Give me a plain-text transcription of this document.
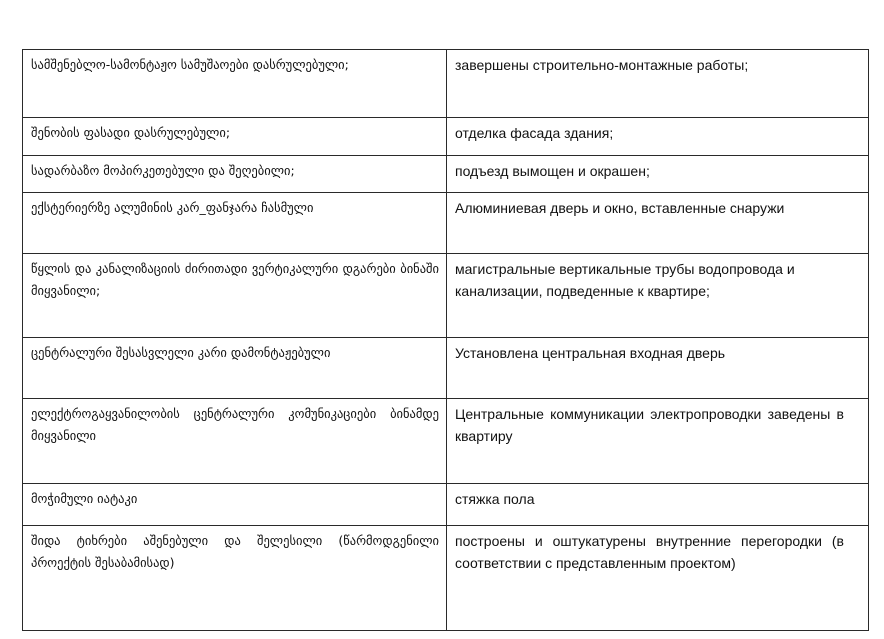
სამშენებლო-სამონტაჟო სამუშაოები დასრულებული;	завершены строительно-монтажные работы;

შენობის ფასადი დასრულებული;	отделка фасада здания;

სადარბაზო მოპირკეთებული და შეღებილი;	подъезд вымощен и окрашен;

ექსტერიერზე ალუმინის კარ_ფანჯარა ჩასმული	Алюминиевая дверь и окно, вставленные снаружи

წყლის და კანალიზაციის ძირითადი ვერტიკალური დგარები ბინაში მიყვანილი;	магистральные вертикальные трубы водопровода и канализации, подведенные к квартире;

ცენტრალური შესასვლელი კარი დამონტაჟებული	Установлена центральная входная дверь

ელექტროგაყვანილობის ცენტრალური კომუნიკაციები ბინამდე მიყვანილი	Центральные коммуникации электропроводки заведены в квартиру

მოჭიმული იატაკი	стяжка пола

შიდა ტიხრები აშენებული და შელესილი (წარმოდგენილი პროექტის შესაბამისად)	построены и оштукатурены внутренние перегородки (в соответствии с представленным проектом)
